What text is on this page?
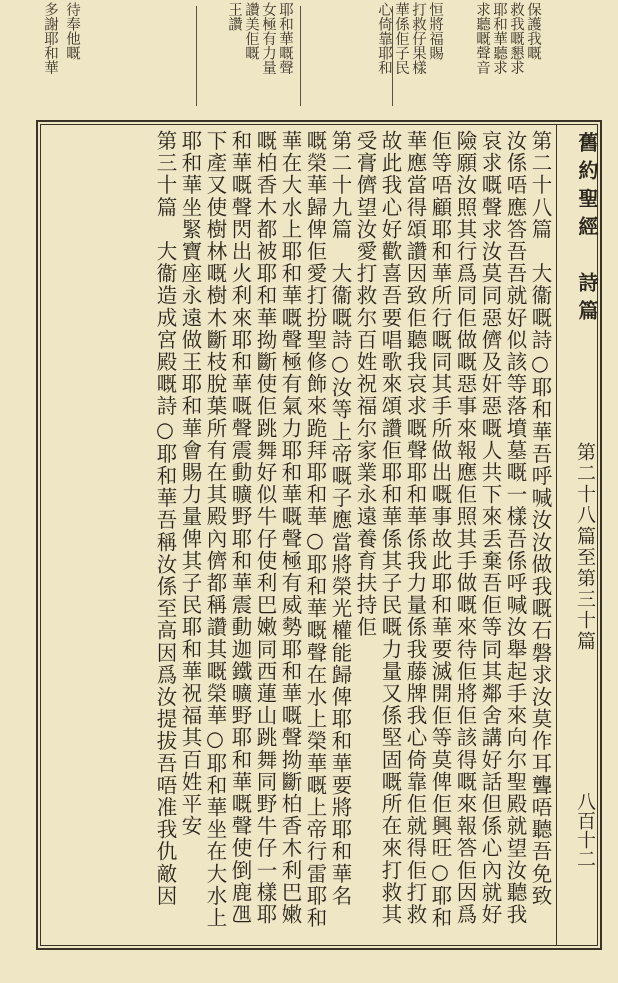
求聽嘅聲音 耶和華聽求 救我嘅懇求 保護我嘅
心倚靠耶和 華係佢子民 打救仔果樣 恒將福賜
耶和華嘅聲
女極有力量
讚美佢嘅
王讚
待奉他嘅
多謝耶和華
舊約聖經　詩篇
第二十八篇至第三十篇
八百十二
第二十八篇　大衞嘅詩○耶和華吾呼喊汝汝做我嘅石磐求汝莫作耳聾唔聽吾免致
汝係唔應答吾吾就好似該等落墳墓嘅一樣吾係呼喊汝舉起手來向尔聖殿就望汝聽我
哀求嘅聲求汝莫同惡儕及奸惡嘅人共下來丢棄吾佢等同其鄰舍講好話但係心內就好
險願汝照其行爲同佢做嘅惡事來報應佢照其手做嘅來待佢將佢該得嘅來報答佢因爲
佢等唔顧耶和華所行嘅同其手所做出嘅事故此耶和華要滅開佢等莫俾佢興旺○耶和
華應當得頌讚因致佢聽我哀求嘅聲耶和華係我力量係我藤牌我心倚靠佢就得佢打救
故此我心好歡喜吾要唱歌來頌讚佢耶和華係其子民嘅力量又係堅固嘅所在來打救其
受膏儕望汝愛打救尔百姓祝福尔家業永遠養育扶持佢
第二十九篇　大衞嘅詩○汝等上帝嘅子應當將榮光權能歸俾耶和華要將耶和華名
嘅榮華歸俾佢愛打扮聖修飾來跪拜耶和華○耶和華嘅聲在水上榮華嘅上帝行雷耶和
華在大水上耶和華嘅聲極有氣力耶和華嘅聲極有威勢耶和華嘅聲拗斷柏香木利巴嫩
嘅柏香木都被耶和華拗斷使佢跳舞好似牛仔使利巴嫩同西蓮山跳舞同野牛仔一樣耶
和華嘅聲閃出火利來耶和華嘅聲震動曠野耶和華震動迦鐵曠野耶和華嘅聲使倒鹿乪
下產又使樹林嘅樹木斷枝脫葉所有在其殿內儕都稱讚其嘅榮華○耶和華坐在大水上
耶和華坐緊寶座永遠做王耶和華會賜力量俾其子民耶和華祝福其百姓平安
第三十篇　大衞造成宮殿嘅詩○耶和華吾稱汝係至高因爲汝提拔吾唔准我仇敵因
